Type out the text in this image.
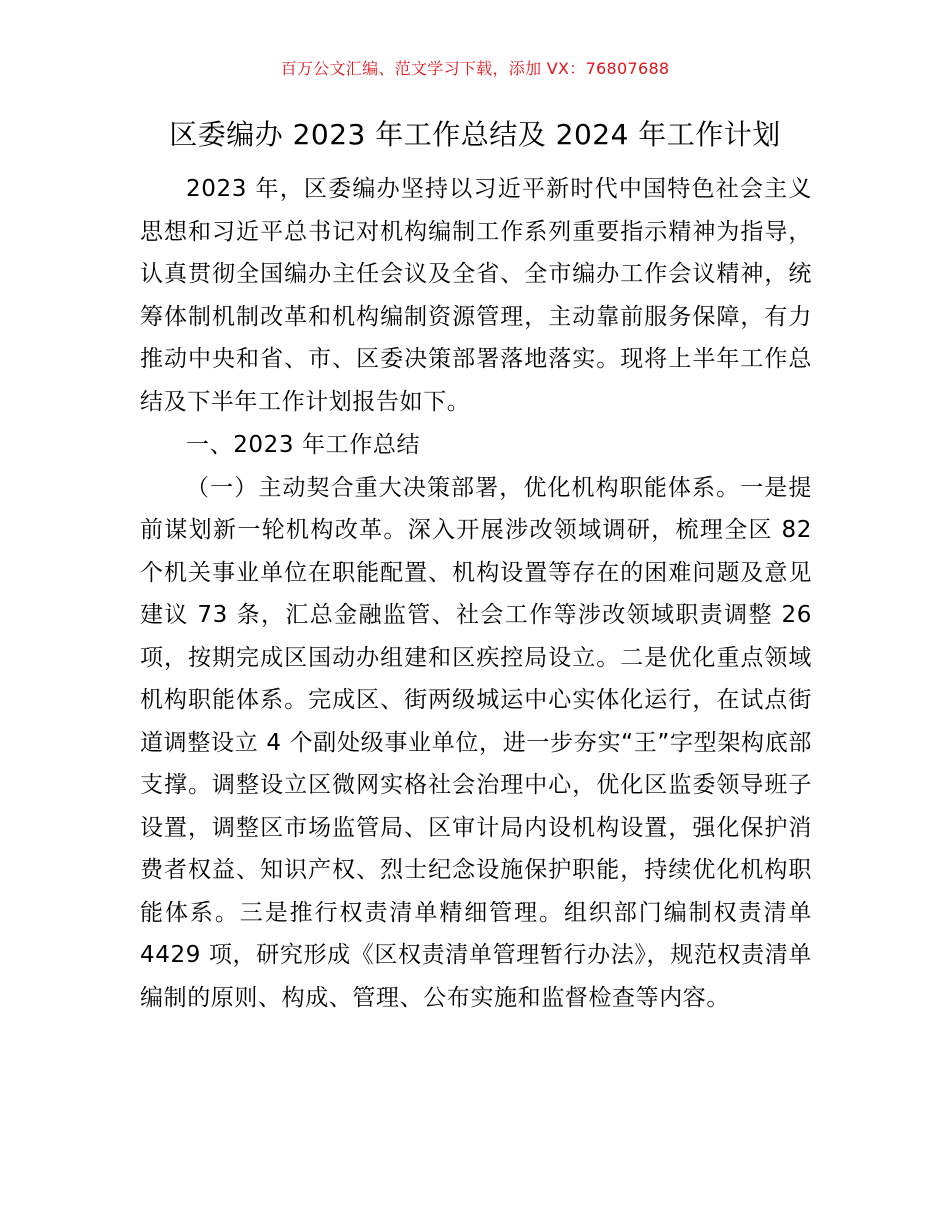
百万公文汇编、范文学习下载，添加 VX：76807688
区委编办 2023 年工作总结及 2024 年工作计划

2023 年，区委编办坚持以习近平新时代中国特色社会主义思想和习近平总书记对机构编制工作系列重要指示精神为指导，认真贯彻全国编办主任会议及全省、全市编办工作会议精神，统筹体制机制改革和机构编制资源管理，主动靠前服务保障，有力推动中央和省、市、区委决策部署落地落实。现将上半年工作总结及下半年工作计划报告如下。

一、2023 年工作总结

（一）主动契合重大决策部署，优化机构职能体系。一是提前谋划新一轮机构改革。深入开展涉改领域调研，梳理全区 82 个机关事业单位在职能配置、机构设置等存在的困难问题及意见建议 73 条，汇总金融监管、社会工作等涉改领域职责调整 26 项，按期完成区国动办组建和区疾控局设立。二是优化重点领域机构职能体系。完成区、街两级城运中心实体化运行，在试点街道调整设立 4 个副处级事业单位，进一步夯实“王”字型架构底部支撑。调整设立区微网实格社会治理中心，优化区监委领导班子设置，调整区市场监管局、区审计局内设机构设置，强化保护消费者权益、知识产权、烈士纪念设施保护职能，持续优化机构职能体系。三是推行权责清单精细管理。组织部门编制权责清单 4429 项，研究形成《区权责清单管理暂行办法》，规范权责清单编制的原则、构成、管理、公布实施和监督检查等内容。
